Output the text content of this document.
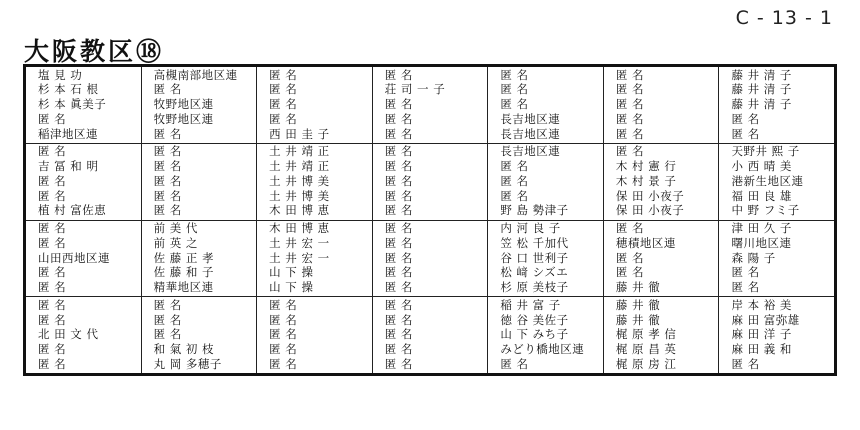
C - 13 - 1
大阪教区⑱
塩 見 功
杉 本 石 根
杉 本 眞美子
匿 名
稲津地区連
匿 名
吉 冨 和 明
匿 名
匿 名
植 村 富佐恵
匿 名
匿 名
山田西地区連
匿 名
匿 名
匿 名
匿 名
北 田 文 代
匿 名
匿 名
高槻南部地区連
匿 名
牧野地区連
牧野地区連
匿 名
匿 名
匿 名
匿 名
匿 名
匿 名
前 美 代
前 英 之
佐 藤 正 孝
佐 藤 和 子
精華地区連
匿 名
匿 名
匿 名
和 氣 初 枝
丸 岡 多穂子
匿 名
匿 名
匿 名
匿 名
西 田 圭 子
土 井 靖 正
土 井 靖 正
土 井 博 美
土 井 博 美
木 田 博 恵
木 田 博 恵
土 井 宏 一
土 井 宏 一
山 下 操
山 下 操
匿 名
匿 名
匿 名
匿 名
匿 名
匿 名
荘 司 一 子
匿 名
匿 名
匿 名
匿 名
匿 名
匿 名
匿 名
匿 名
匿 名
匿 名
匿 名
匿 名
匿 名
匿 名
匿 名
匿 名
匿 名
匿 名
匿 名
匿 名
匿 名
長吉地区連
長吉地区連
長吉地区連
匿 名
匿 名
匿 名
野 島 勢津子
内 河 良 子
笠 松 千加代
谷 口 世利子
松 﨑 シズエ
杉 原 美枝子
稲 井 富 子
徳 谷 美佐子
山 下 みち子
みどり橋地区連
匿 名
匿 名
匿 名
匿 名
匿 名
匿 名
匿 名
木 村 憲 行
木 村 景 子
保 田 小夜子
保 田 小夜子
匿 名
穂積地区連
匿 名
匿 名
藤 井 徹
藤 井 徹
藤 井 徹
梶 原 孝 信
梶 原 昌 英
梶 原 房 江
藤 井 清 子
藤 井 清 子
藤 井 清 子
匿 名
匿 名
天野井 熙 子
小 西 晴 美
港新生地区連
福 田 良 雄
中 野 フミ子
津 田 久 子
曙川地区連
森 陽 子
匿 名
匿 名
岸 本 裕 美
麻 田 富弥雄
麻 田 洋 子
麻 田 義 和
匿 名
